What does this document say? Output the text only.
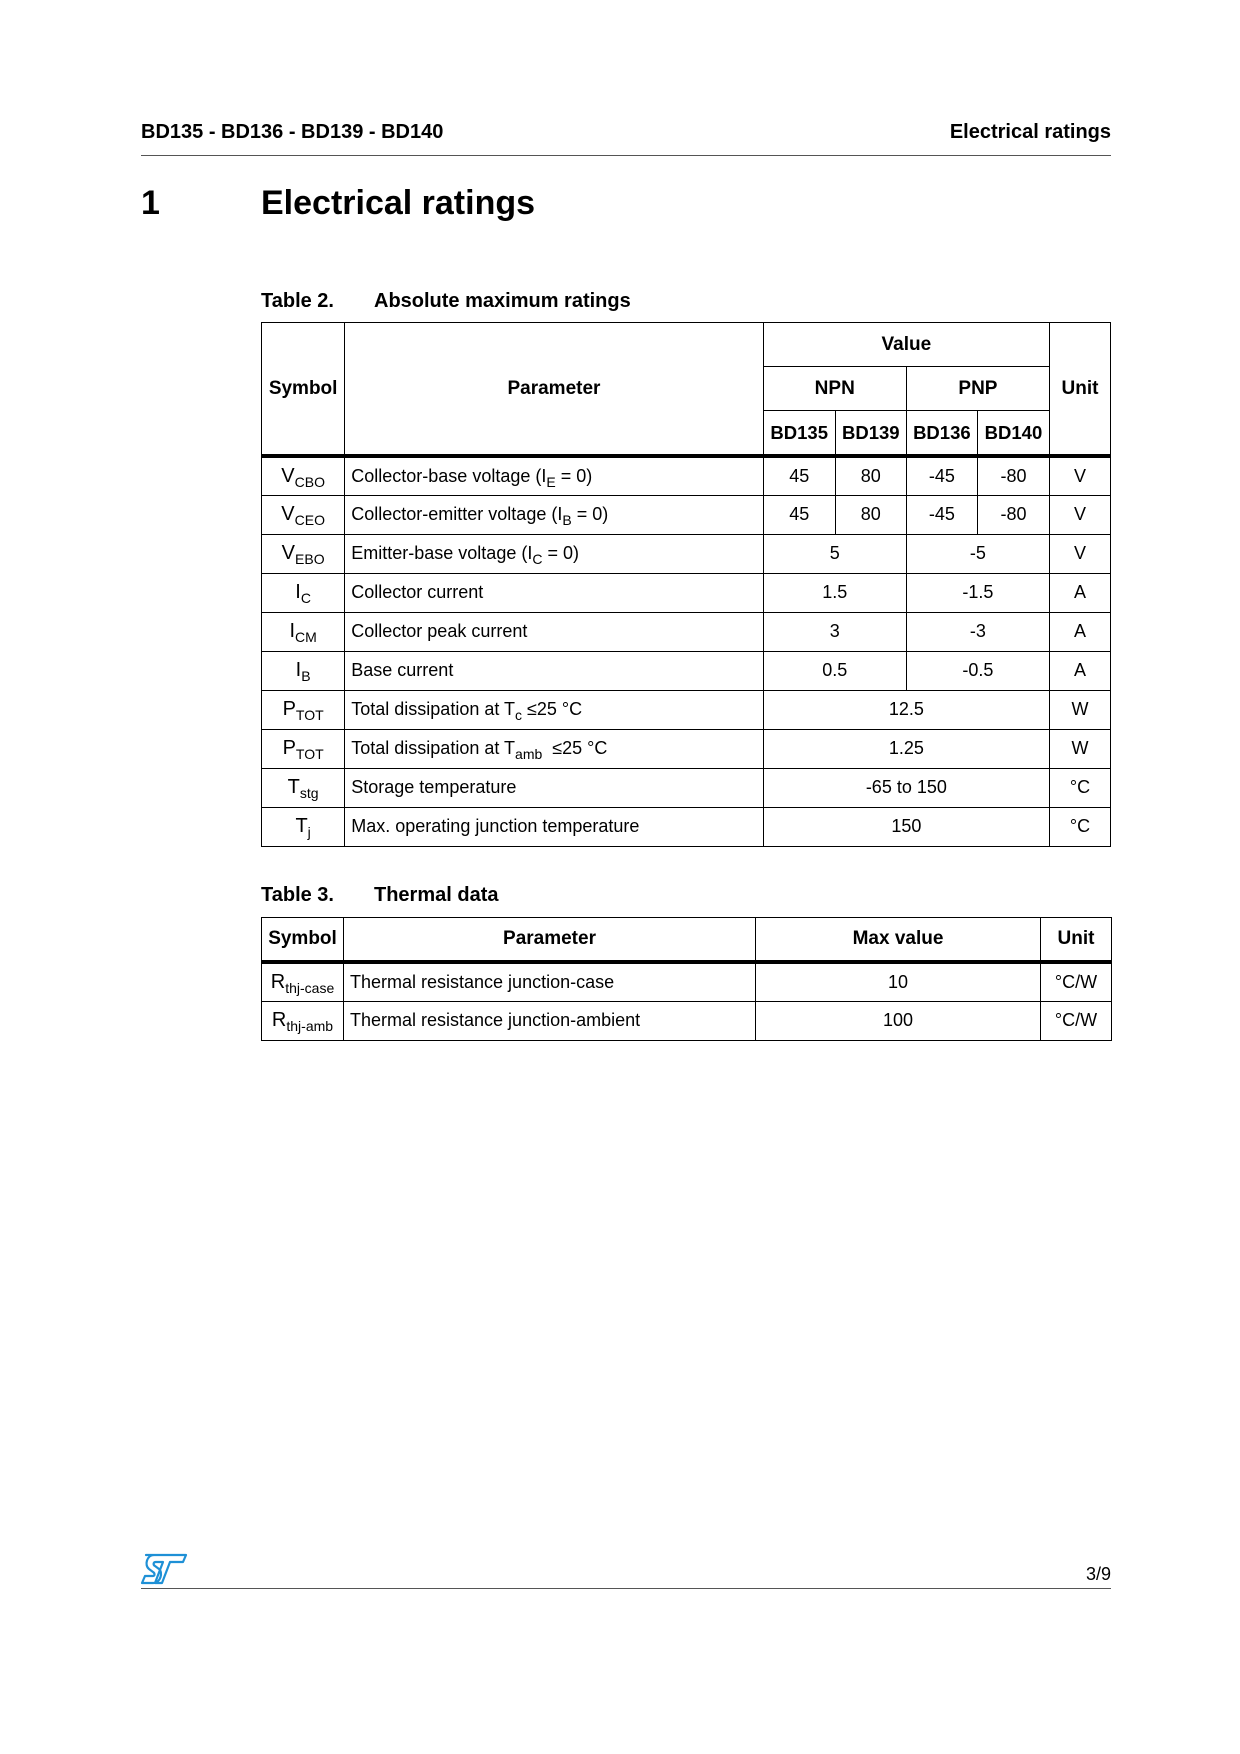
BD135 - BD136 - BD139 - BD140	Electrical ratings
1	Electrical ratings
Table 2. Absolute maximum ratings
Symbol	Parameter	Value				Unit
		NPN		PNP		
		BD135	BD139	BD136	BD140	
$V_{CBO}$	Collector-base voltage $(I_E = 0)$	45	80	-45	-80	V
$V_{CEO}$	Collector-emitter voltage $(I_B = 0)$	45	80	-45	-80	V
$V_{EBO}$	Emitter-base voltage $(I_C = 0)$	5		-5		V
$I_C$	Collector current	1.5		-1.5		A
$I_{CM}$	Collector peak current	3		-3		A
$I_B$	Base current	0.5		-0.5		A
$P_{TOT}$	Total dissipation at $T_c \le 25$ °C	12.5				W
$P_{TOT}$	Total dissipation at $T_{amb} \le 25$ °C	1.25				W
$T_{stg}$	Storage temperature	-65 to 150				°C
$T_j$	Max. operating junction temperature	150				°C
Table 3. Thermal data
Symbol	Parameter	Max value	Unit
$R_{thj-case}$	Thermal resistance junction-case	10	°C/W
$R_{thj-amb}$	Thermal resistance junction-ambient	100	°C/W
3/9
